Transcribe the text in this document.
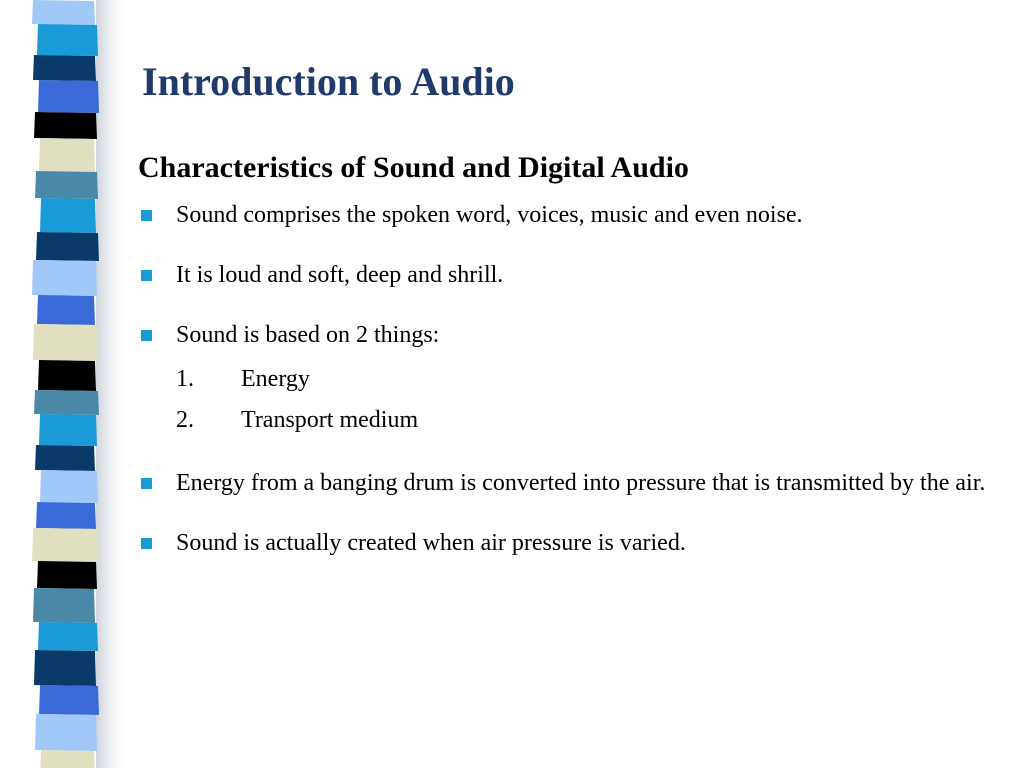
Introduction to Audio
Characteristics of Sound and Digital Audio
Sound comprises the spoken word, voices, music and even noise.
It is loud and soft, deep and shrill.
Sound is based on 2 things:
1.	Energy
2.	Transport medium
Energy from a banging drum is converted into pressure that is transmitted by the air.
Sound is actually created when air pressure is varied.
